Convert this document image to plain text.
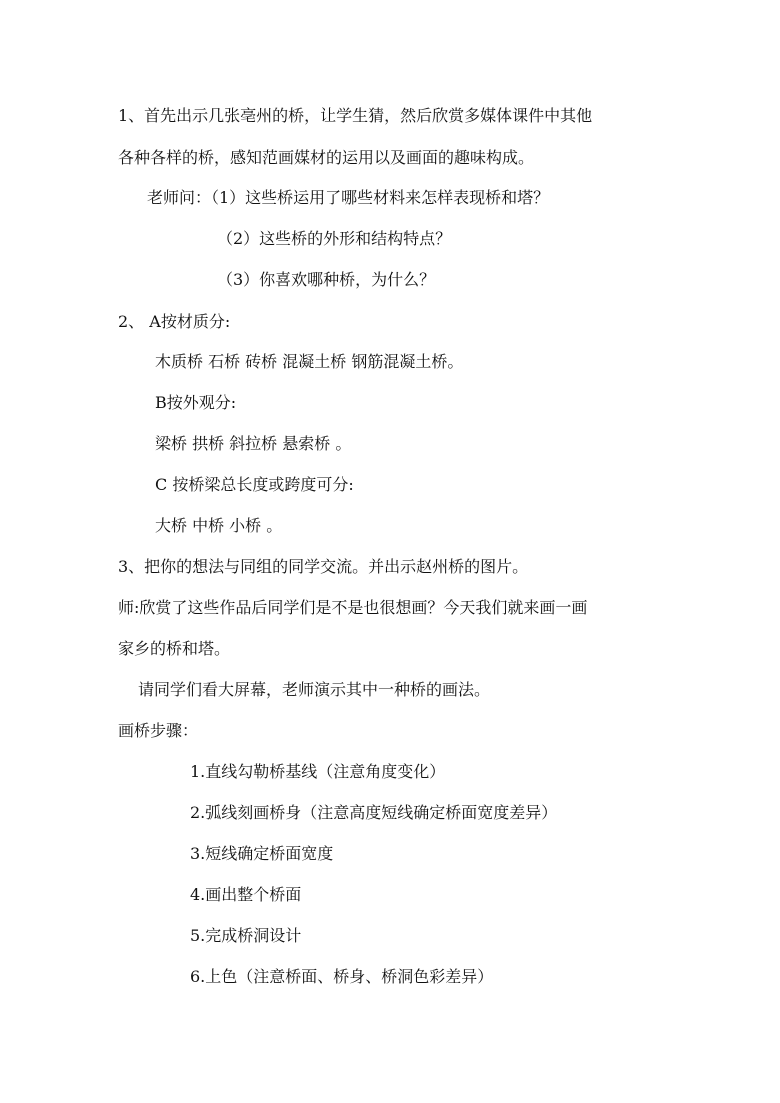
1、首先出示几张亳州的桥，让学生猜，然后欣赏多媒体课件中其他
各种各样的桥，感知范画媒材的运用以及画面的趣味构成。
老师问：（1）这些桥运用了哪些材料来怎样表现桥和塔？
（2）这些桥的外形和结构特点？
（3）你喜欢哪种桥，为什么？
2、 A按材质分:
木质桥 石桥 砖桥 混凝土桥 钢筋混凝土桥。
B按外观分:
梁桥 拱桥 斜拉桥 悬索桥 。
C 按桥梁总长度或跨度可分:
大桥 中桥 小桥 。
3、把你的想法与同组的同学交流。并出示赵州桥的图片。
师:欣赏了这些作品后同学们是不是也很想画？今天我们就来画一画
家乡的桥和塔。
请同学们看大屏幕，老师演示其中一种桥的画法。
画桥步骤：
1.直线勾勒桥基线（注意角度变化）
2.弧线刻画桥身（注意高度短线确定桥面宽度差异）
3.短线确定桥面宽度
4.画出整个桥面
5.完成桥洞设计
6.上色（注意桥面、桥身、桥洞色彩差异）
